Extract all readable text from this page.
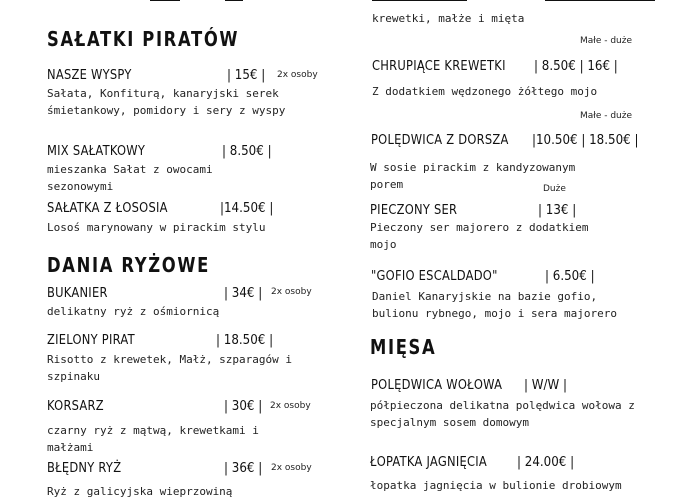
SAŁATKI PIRATÓW
NASZE WYSPY	| 15€ | 2x osoby
Sałata, Konfiturą, kanaryjski serek śmietankowy, pomidory i sery z wyspy
MIX SAŁATKOWY	| 8.50€ |
mieszanka Sałat z owocami sezonowymi
SAŁATKA Z ŁOSOSIA	|14.50€ |
Losoś marynowany w pirackim stylu
DANIA RYŻOWE
BUKANIER	| 34€ | 2x osoby
delikatny ryż z ośmiornicą
ZIELONY PIRAT	| 18.50€ |
Risotto z krewetek, Małż, szparagów i szpinaku
KORSARZ	| 30€ | 2x osoby
czarny ryż z mątwą, krewetkami i małżami
BŁĘDNY RYŻ	| 36€ | 2x osoby
Ryż z galicyjska wieprzowiną
krewetki, małże i mięta
Małe - duże
CHRUPIĄCE KREWETKI | 8.50€ | 16€ |
Z dodatkiem wędzonego żółtego mojo
Małe - duże
POLĘDWICA Z DORSZA |10.50€ | 18.50€ |
W sosie pirackim z kandyzowanym porem	Duże
PIECZONY SER	| 13€ |
Pieczony ser majorero z dodatkiem mojo
"GOFIO ESCALDADO"	| 6.50€ |
Daniel Kanaryjskie na bazie gofio, bulionu rybnego, mojo i sera majorero
MIĘSA
POLĘDWICA WOŁOWA | W/W |
półpieczona delikatna polędwica wołowa z specjalnym sosem domowym
ŁOPATKA JAGNIĘCIA | 24.00€ |
łopatka jagnięcia w bulionie drobiowym
